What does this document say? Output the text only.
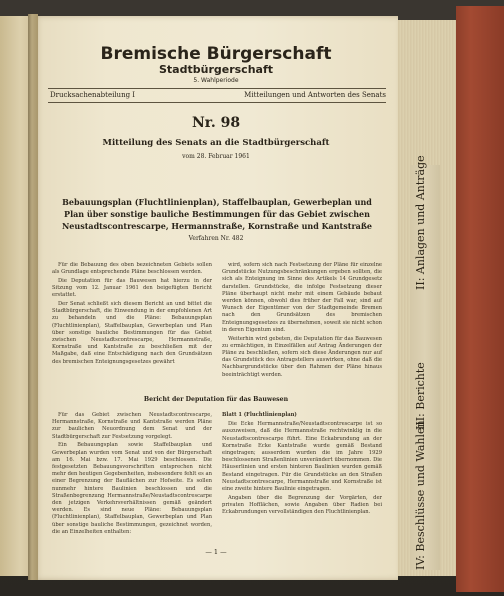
II: Anlagen und Anträge
III: Berichte
IV: Beschlüsse und Wahlen
Bremische Bürgerschaft
Stadtbürgerschaft
5. Wahlperiode
Drucksachenabteilung I	Mitteilungen und Antworten des Senats
Nr. 98
Mitteilung des Senats an die Stadtbürgerschaft
vom 28. Februar 1961
Bebauungsplan (Fluchtlinienplan), Staffelbauplan, Gewerbeplan und Plan über sonstige bauliche Bestimmungen für das Gebiet zwischen Neustadtscontrescarpe, Hermannstraße, Kornstraße und Kantstraße
Verfahren Nr. 482

Für die Bebauung des oben bezeichneten Gebiets sollen als Grundlage entsprechende Pläne beschlossen werden.

Die Deputation für das Bauwesen hat hierzu in der Sitzung vom 12. Januar 1961 den beigefügten Bericht erstattet.

Der Senat schließt sich diesem Bericht an und bittet die Stadtbürgerschaft, die Einwendung in der empfohlenen Art zu behandeln und die Pläne: Bebauungsplan (Fluchtlinienplan), Staffelbauplan, Gewerbeplan und Plan über sonstige bauliche Bestimmungen für das Gebiet zwischen Neustadtscontrescarpe, Hermannstraße, Kornstraße und Kantstraße zu beschließen mit der Maßgabe, daß eine Entschädigung nach den Grundsätzen des bremischen Enteignungsgesetzes gewährt

wird, sofern sich nach Festsetzung der Pläne für einzelne Grundstücke Nutzungsbeschränkungen ergeben sollten, die sich als Enteignung im Sinne des Artikels 14 Grundgesetz darstellen. Grundstücke, die infolge Festsetzung dieser Pläne überhaupt nicht mehr mit einem Gebäude bebaut werden können, obwohl dies früher der Fall war, sind auf Wunsch der Eigentümer von der Stadtgemeinde Bremen nach den Grundsätzen des bremischen Enteignungsgesetzes zu übernehmen, soweit sie nicht schon in deren Eigentum sind.

Weiterhin wird gebeten, die Deputation für das Bauwesen zu ermächtigen, in Einzelfällen auf Antrag Änderungen der Pläne zu beschließen, sofern sich diese Änderungen nur auf das Grundstück des Antragstellers auswirken, ohne daß die Nachbargrundstücke über den Rahmen der Pläne hinaus beeinträchtigt werden.

Bericht der Deputation für das Bauwesen

Für das Gebiet zwischen Neustadtscontrescarpe, Hermannstraße, Kornstraße und Kantstraße werden Pläne zur baulichen Neuordnung dem Senat und der Stadtbürgerschaft zur Festsetzung vorgelegt.

Ein Bebauungsplan sowie Staffelbauplan und Gewerbeplan wurden vom Senat und von der Bürgerschaft am 16. Mai bzw. 17. Mai 1929 beschlossen. Die festgesetzten Bebauungsvorschriften entsprechen nicht mehr den heutigen Gegebenheiten, insbesondere fehlt es an einer Begrenzung der Bauflächen zur Hofseite. Es sollen nunmehr hintere Baulinien beschlossen und die Straßenbegrenzung Hermannstraße/Neustadtscontrescarpe den jetzigen Verkehrsverhältnissen gemäß geändert werden. Es sind neue Pläne: Bebauungsplan (Fluchtlinienplan), Staffelbauplan, Gewerbeplan und Plan über sonstige bauliche Bestimmungen, gezeichnet worden, die an Einzelheiten enthalten:

Blatt 1 (Fluchtlinienplan)

Die Ecke Hermannstraße/Neustadtscontrescarpe ist so auszuweisen, daß die Hermannstraße rechtwinklig in die Neustadtscontrescarpe führt. Eine Eckabrundung an der Kornstraße Ecke Kantstraße wurde gemäß Bestand eingetragen; ausserdem wurden die im Jahre 1929 beschlossenen Straßenlinien unverändert übernommen. Die Häuserlinien und ersten hinteren Baulinien wurden gemäß Bestand eingetragen. Für die Grundstücke an den Straßen Neustadtscontrescarpe, Hermannstraße und Kornstraße ist eine zweite hintere Baulinie eingetragen.

Angaben über die Begrenzung der Vorgärten, der privaten Hofflächen, sowie Angaben über Radien bei Eckabrundungen vervollständigen den Fluchtlinienplan.

— 1 —
